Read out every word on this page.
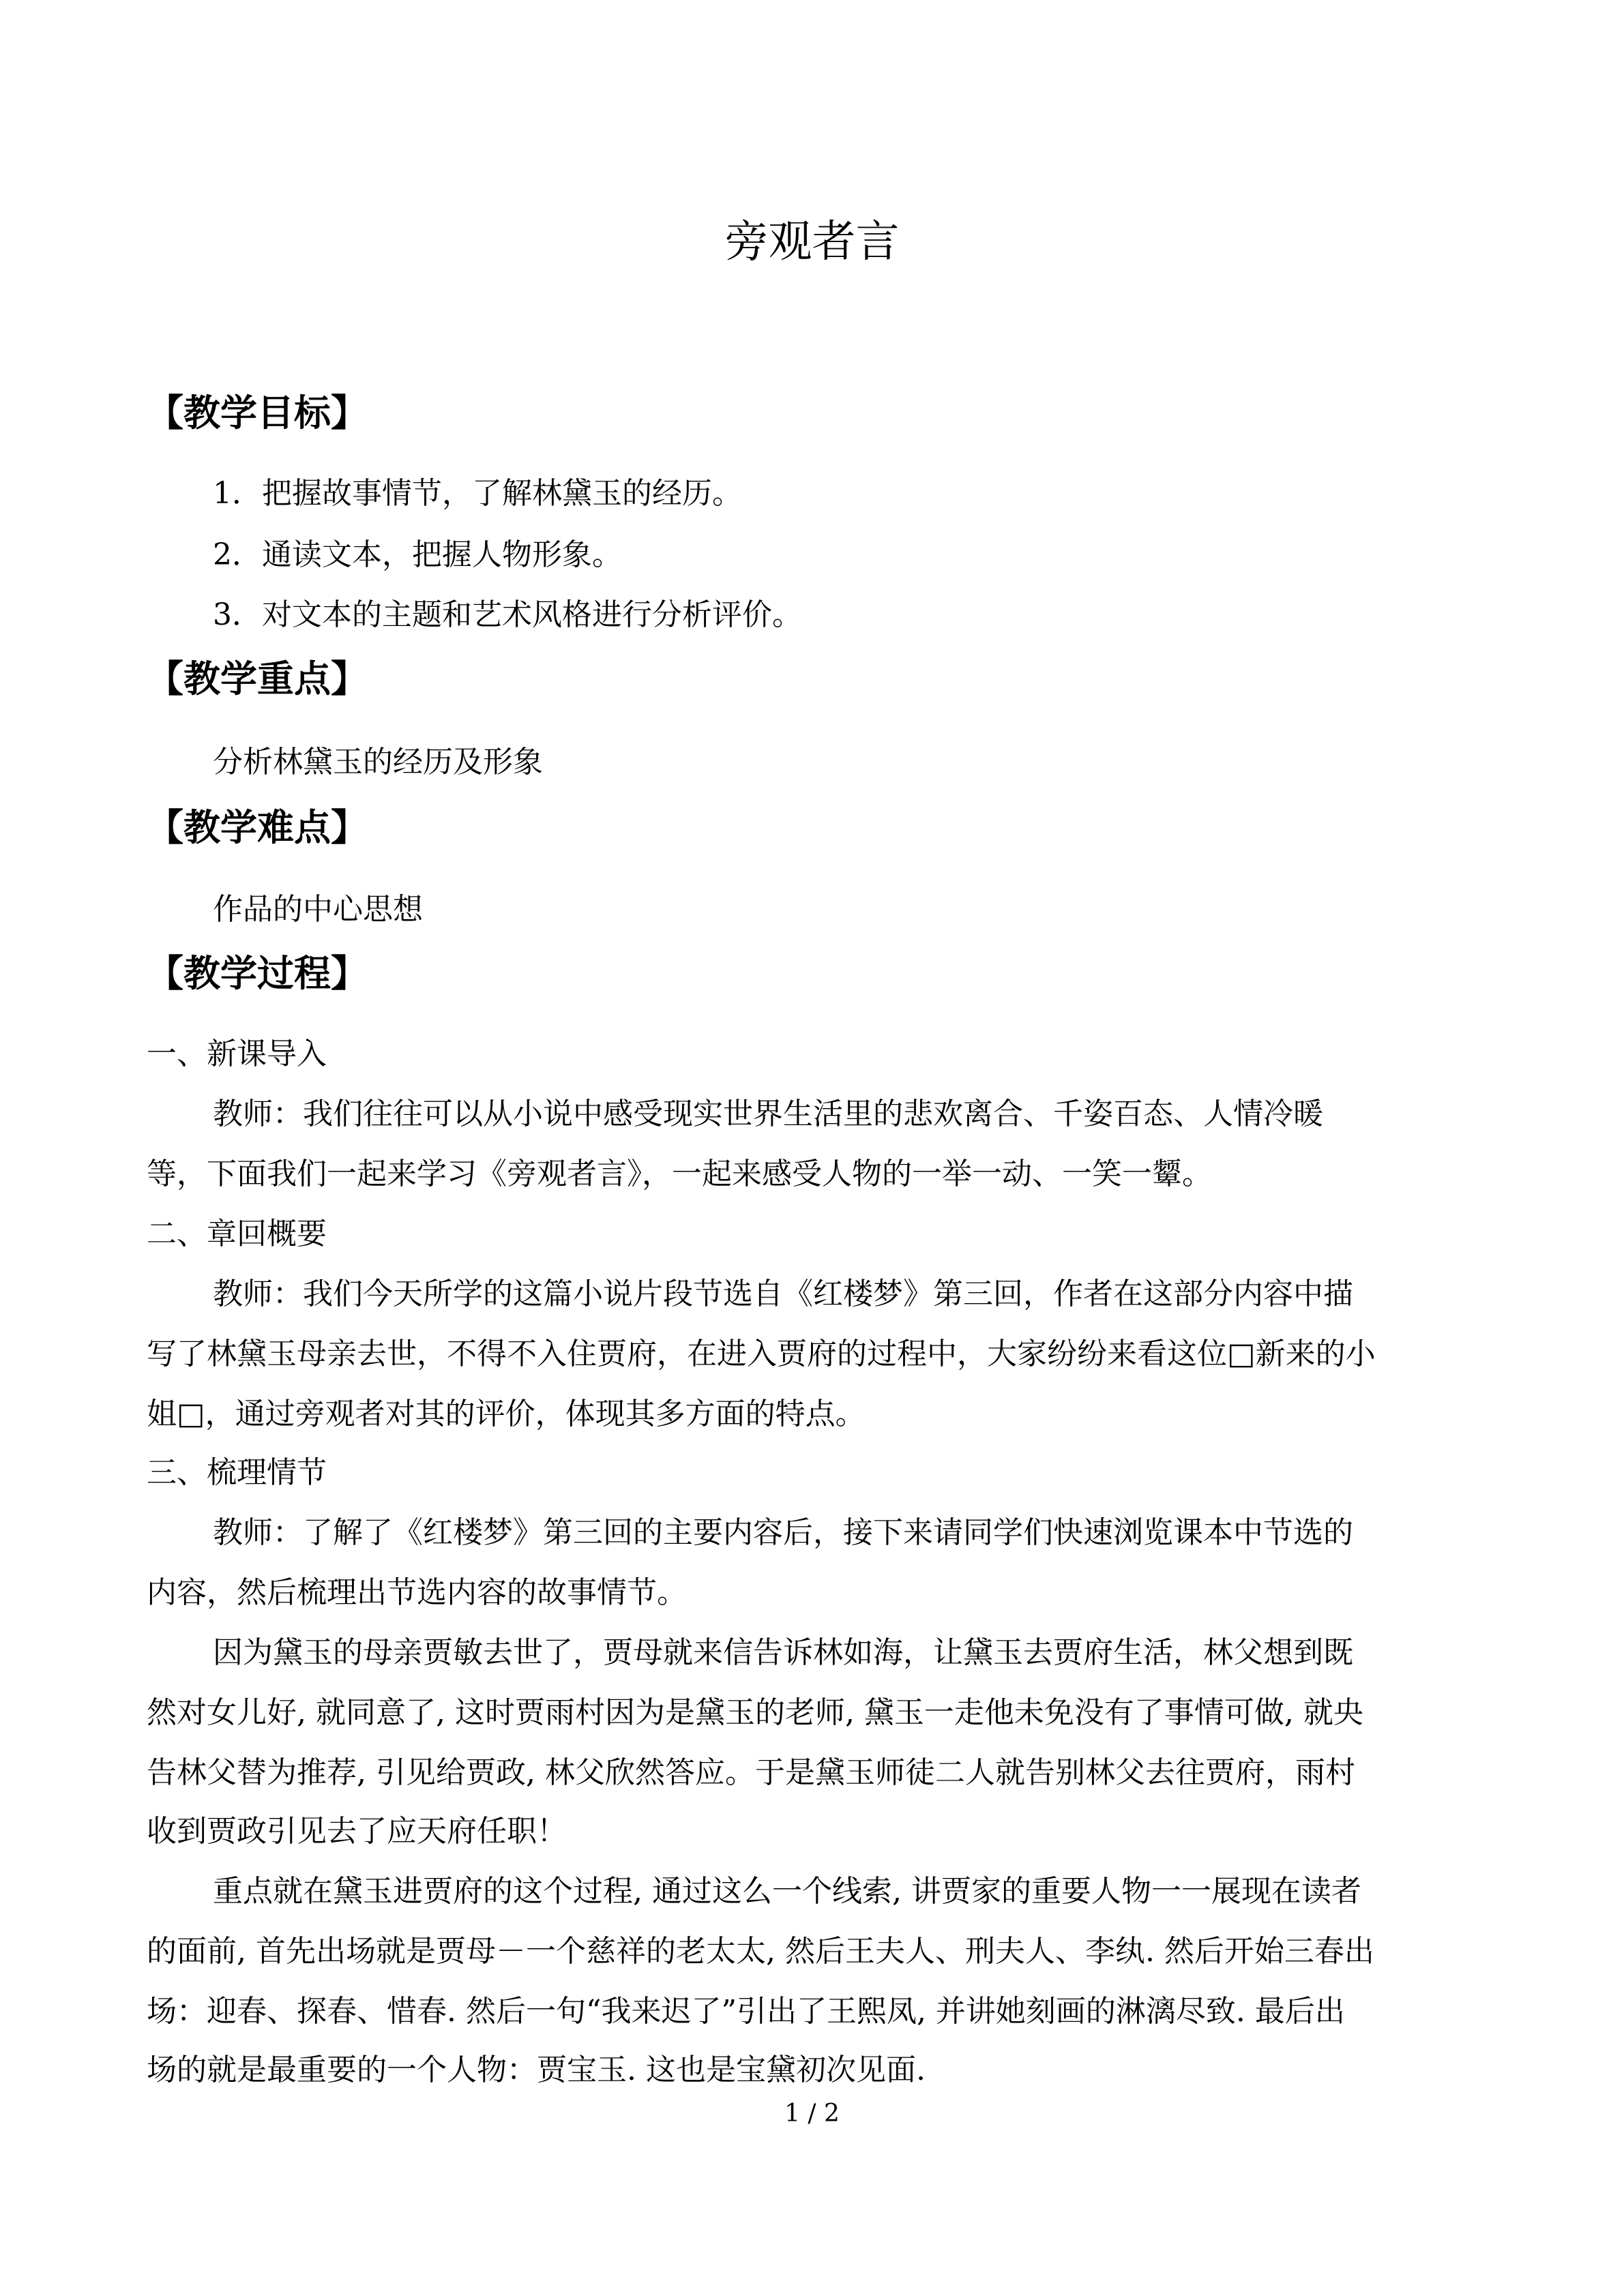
旁观者言
【教学目标】
1．把握故事情节，了解林黛玉的经历。
2．通读文本，把握人物形象。
3．对文本的主题和艺术风格进行分析评价。
【教学重点】
分析林黛玉的经历及形象
【教学难点】
作品的中心思想
【教学过程】
一、新课导入
教师：我们往往可以从小说中感受现实世界生活里的悲欢离合、千姿百态、人情冷暖
等，下面我们一起来学习《旁观者言》，一起来感受人物的一举一动、一笑一颦。
二、章回概要
教师：我们今天所学的这篇小说片段节选自《红楼梦》第三回，作者在这部分内容中描
写了林黛玉母亲去世，不得不入住贾府，在进入贾府的过程中，大家纷纷来看这位□新来的小
姐□，通过旁观者对其的评价，体现其多方面的特点。
三、梳理情节
教师：了解了《红楼梦》第三回的主要内容后，接下来请同学们快速浏览课本中节选的
内容，然后梳理出节选内容的故事情节。
因为黛玉的母亲贾敏去世了，贾母就来信告诉林如海，让黛玉去贾府生活，林父想到既
然对女儿好, 就同意了, 这时贾雨村因为是黛玉的老师, 黛玉一走他未免没有了事情可做, 就央
告林父替为推荐, 引见给贾政, 林父欣然答应。于是黛玉师徒二人就告别林父去往贾府，雨村
收到贾政引见去了应天府任职！
重点就在黛玉进贾府的这个过程, 通过这么一个线索, 讲贾家的重要人物一一展现在读者
的面前, 首先出场就是贾母－一个慈祥的老太太, 然后王夫人、刑夫人、李纨. 然后开始三春出
场：迎春、探春、惜春. 然后一句“我来迟了”引出了王熙凤, 并讲她刻画的淋漓尽致. 最后出
场的就是最重要的一个人物：贾宝玉. 这也是宝黛初次见面.
1 / 2
